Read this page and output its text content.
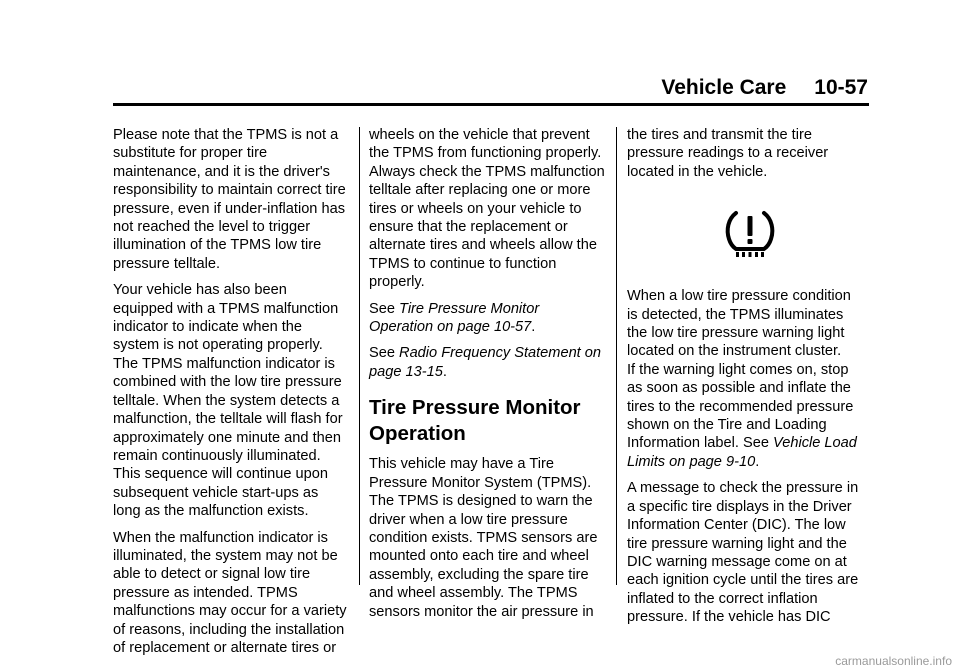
Vehicle Care 10-57

Please note that the TPMS is not a
substitute for proper tire
maintenance, and it is the driver's
responsibility to maintain correct tire
pressure, even if under-inflation has
not reached the level to trigger
illumination of the TPMS low tire
pressure telltale.

Your vehicle has also been
equipped with a TPMS malfunction
indicator to indicate when the
system is not operating properly.
The TPMS malfunction indicator is
combined with the low tire pressure
telltale. When the system detects a
malfunction, the telltale will flash for
approximately one minute and then
remain continuously illuminated.
This sequence will continue upon
subsequent vehicle start-ups as
long as the malfunction exists.

When the malfunction indicator is
illuminated, the system may not be
able to detect or signal low tire
pressure as intended. TPMS
malfunctions may occur for a variety
of reasons, including the installation
of replacement or alternate tires or

wheels on the vehicle that prevent
the TPMS from functioning properly.
Always check the TPMS malfunction
telltale after replacing one or more
tires or wheels on your vehicle to
ensure that the replacement or
alternate tires and wheels allow the
TPMS to continue to function
properly.

See Tire Pressure Monitor
Operation on page 10-57.

See Radio Frequency Statement on
page 13-15.

Tire Pressure Monitor
Operation

This vehicle may have a Tire
Pressure Monitor System (TPMS).
The TPMS is designed to warn the
driver when a low tire pressure
condition exists. TPMS sensors are
mounted onto each tire and wheel
assembly, excluding the spare tire
and wheel assembly. The TPMS
sensors monitor the air pressure in

the tires and transmit the tire
pressure readings to a receiver
located in the vehicle.

When a low tire pressure condition
is detected, the TPMS illuminates
the low tire pressure warning light
located on the instrument cluster.
If the warning light comes on, stop
as soon as possible and inflate the
tires to the recommended pressure
shown on the Tire and Loading
Information label. See Vehicle Load
Limits on page 9-10.

A message to check the pressure in
a specific tire displays in the Driver
Information Center (DIC). The low
tire pressure warning light and the
DIC warning message come on at
each ignition cycle until the tires are
inflated to the correct inflation
pressure. If the vehicle has DIC

carmanualsonline.info
